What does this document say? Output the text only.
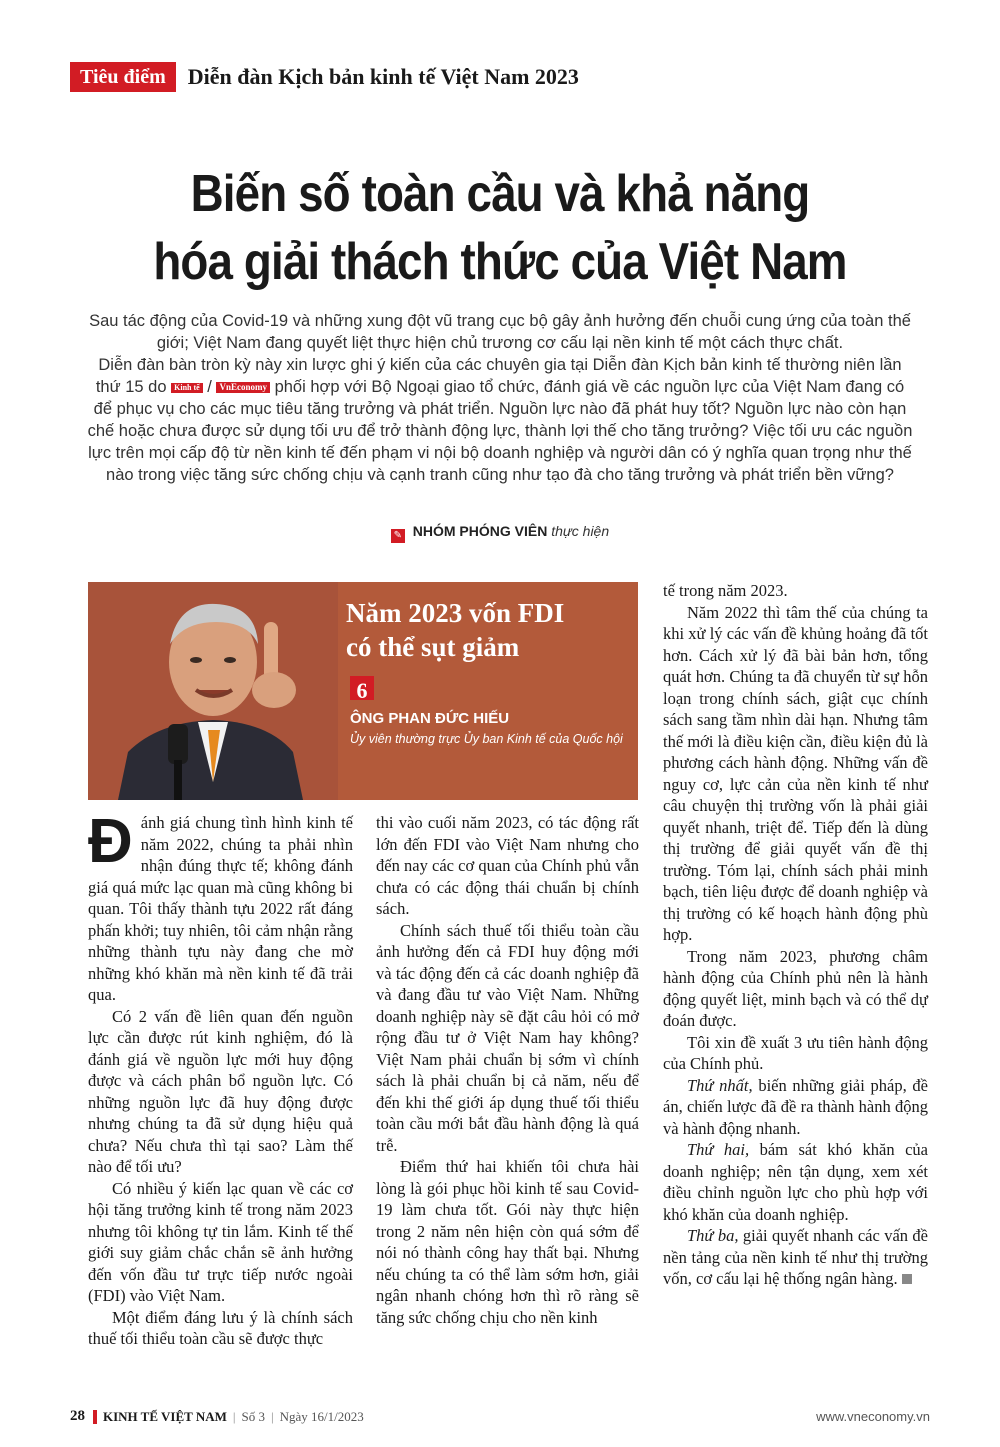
Tiêu điểm	Diễn đàn Kịch bản kinh tế Việt Nam 2023
Biến số toàn cầu và khả năng
hóa giải thách thức của Việt Nam

Sau tác động của Covid-19 và những xung đột vũ trang cục bộ gây ảnh hưởng đến chuỗi cung ứng của toàn thế giới; Việt Nam đang quyết liệt thực hiện chủ trương cơ cấu lại nền kinh tế một cách thực chất.

Diễn đàn bàn tròn kỳ này xin lược ghi ý kiến của các chuyên gia tại Diễn đàn Kịch bản kinh tế thường niên lần thứ 15 do Kinh tế / VnEconomy phối hợp với Bộ Ngoại giao tổ chức, đánh giá về các nguồn lực của Việt Nam đang có để phục vụ cho các mục tiêu tăng trưởng và phát triển. Nguồn lực nào đã phát huy tốt? Nguồn lực nào còn hạn chế hoặc chưa được sử dụng tối ưu để trở thành động lực, thành lợi thế cho tăng trưởng? Việc tối ưu các nguồn lực trên mọi cấp độ từ nền kinh tế đến phạm vi nội bộ doanh nghiệp và người dân có ý nghĩa quan trọng như thế nào trong việc tăng sức chống chịu và cạnh tranh cũng như tạo đà cho tăng trưởng và phát triển bền vững?

✎ NHÓM PHÓNG VIÊN thực hiện
Năm 2023 vốn FDI
có thể sụt giảm
6
ÔNG PHAN ĐỨC HIẾU
Ủy viên thường trực Ủy ban Kinh tế của Quốc hội

Đánh giá chung tình hình kinh tế năm 2022, chúng ta phải nhìn nhận đúng thực tế; không đánh giá quá mức lạc quan mà cũng không bi quan. Tôi thấy thành tựu 2022 rất đáng phấn khởi; tuy nhiên, tôi cảm nhận rằng những thành tựu này đang che mờ những khó khăn mà nền kinh tế đã trải qua.

Có 2 vấn đề liên quan đến nguồn lực cần được rút kinh nghiệm, đó là đánh giá về nguồn lực mới huy động được và cách phân bổ nguồn lực. Có những nguồn lực đã huy động được nhưng chúng ta đã sử dụng hiệu quả chưa? Nếu chưa thì tại sao? Làm thế nào để tối ưu?

Có nhiều ý kiến lạc quan về các cơ hội tăng trưởng kinh tế trong năm 2023 nhưng tôi không tự tin lắm. Kinh tế thế giới suy giảm chắc chắn sẽ ảnh hưởng đến vốn đầu tư trực tiếp nước ngoài (FDI) vào Việt Nam.

Một điểm đáng lưu ý là chính sách thuế tối thiểu toàn cầu sẽ được thực

thi vào cuối năm 2023, có tác động rất lớn đến FDI vào Việt Nam nhưng cho đến nay các cơ quan của Chính phủ vẫn chưa có các động thái chuẩn bị chính sách.

Chính sách thuế tối thiểu toàn cầu ảnh hưởng đến cả FDI huy động mới và tác động đến cả các doanh nghiệp đã và đang đầu tư vào Việt Nam. Những doanh nghiệp này sẽ đặt câu hỏi có mở rộng đầu tư ở Việt Nam hay không? Việt Nam phải chuẩn bị sớm vì chính sách là phải chuẩn bị cả năm, nếu để đến khi thế giới áp dụng thuế tối thiểu toàn cầu mới bắt đầu hành động là quá trễ.

Điểm thứ hai khiến tôi chưa hài lòng là gói phục hồi kinh tế sau Covid-19 làm chưa tốt. Gói này thực hiện trong 2 năm nên hiện còn quá sớm để nói nó thành công hay thất bại. Nhưng nếu chúng ta có thể làm sớm hơn, giải ngân nhanh chóng hơn thì rõ ràng sẽ tăng sức chống chịu cho nền kinh

tế trong năm 2023.

Năm 2022 thì tâm thế của chúng ta khi xử lý các vấn đề khủng hoảng đã tốt hơn. Cách xử lý đã bài bản hơn, tổng quát hơn. Chúng ta đã chuyển từ sự hỗn loạn trong chính sách, giật cục chính sách sang tầm nhìn dài hạn. Nhưng tâm thế mới là điều kiện cần, điều kiện đủ là phương cách hành động. Những vấn đề nguy cơ, lực cản của nền kinh tế như câu chuyện thị trường vốn là phải giải quyết nhanh, triệt để. Tiếp đến là dùng thị trường để giải quyết vấn đề thị trường. Tóm lại, chính sách phải minh bạch, tiên liệu được để doanh nghiệp và thị trường có kế hoạch hành động phù hợp.

Trong năm 2023, phương châm hành động của Chính phủ nên là hành động quyết liệt, minh bạch và có thể dự đoán được.

Tôi xin đề xuất 3 ưu tiên hành động của Chính phủ.

Thứ nhất, biến những giải pháp, đề án, chiến lược đã đề ra thành hành động và hành động nhanh.

Thứ hai, bám sát khó khăn của doanh nghiệp; nên tận dụng, xem xét điều chỉnh nguồn lực cho phù hợp với khó khăn của doanh nghiệp.

Thứ ba, giải quyết nhanh các vấn đề nền tảng của nền kinh tế như thị trường vốn, cơ cấu lại hệ thống ngân hàng.

28 KINH TẾ VIỆT NAM | Số 3 | Ngày 16/1/2023	www.vneconomy.vn
